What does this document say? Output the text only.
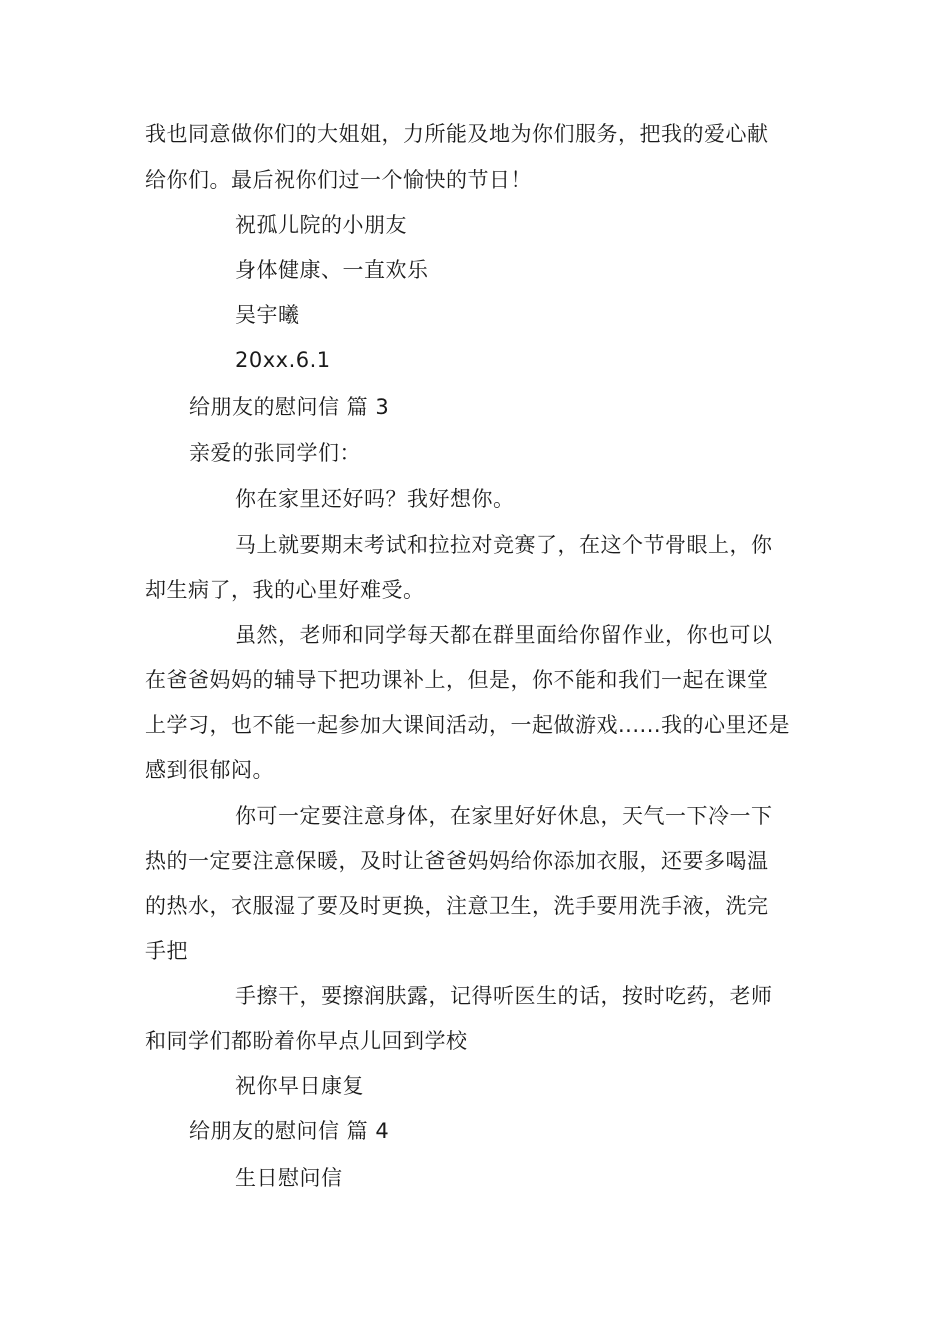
我也同意做你们的大姐姐，力所能及地为你们服务，把我的爱心献
给你们。最后祝你们过一个愉快的节日！
祝孤儿院的小朋友
身体健康、一直欢乐
吴宇曦
20xx.6.1
给朋友的慰问信 篇 3
亲爱的张同学们：
你在家里还好吗？我好想你。
马上就要期末考试和拉拉对竞赛了，在这个节骨眼上，你
却生病了，我的心里好难受。
虽然，老师和同学每天都在群里面给你留作业，你也可以
在爸爸妈妈的辅导下把功课补上，但是，你不能和我们一起在课堂
上学习，也不能一起参加大课间活动，一起做游戏......我的心里还是
感到很郁闷。
你可一定要注意身体，在家里好好休息，天气一下冷一下
热的一定要注意保暖，及时让爸爸妈妈给你添加衣服，还要多喝温
的热水，衣服湿了要及时更换，注意卫生，洗手要用洗手液，洗完
手把
手擦干，要擦润肤露，记得听医生的话，按时吃药，老师
和同学们都盼着你早点儿回到学校
祝你早日康复
给朋友的慰问信 篇 4
生日慰问信
